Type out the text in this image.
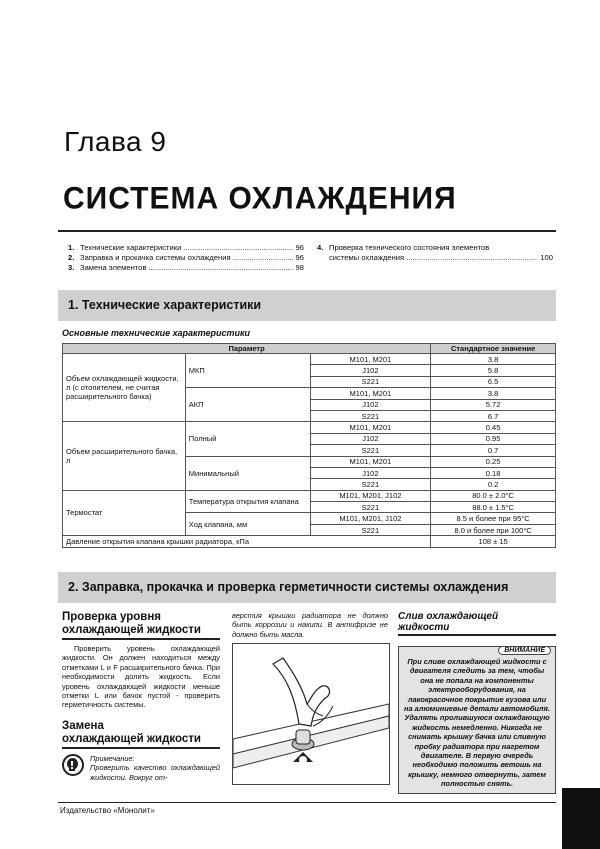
Глава 9
СИСТЕМА ОХЛАЖДЕНИЯ
1. Технические характеристики .....	96
2. Заправка и прокачка системы охлаждения .....	96
3. Замена элементов .....	98
4. Проверка технического состояния элементов
системы охлаждения .....	100
1. Технические характеристики
Основные технические характеристики
Параметр			Стандартное значение
Объем охлаждающей жидкости, л (с отопителем, не считая расширительного бачка)	МКП	M101, M201	3.8
		J102	5.8
		S221	6.5
	АКП	M101, M201	3.8
		J102	5.72
		S221	6.7
Объем расширительного бачка, л	Полный	M101, M201	0.45
		J102	0.95
		S221	0.7
	Минимальный	M101, M201	0.25
		J102	0.18
		S221	0.2
Термостат	Температура открытия клапана	M101, M201, J102	80.0 ± 2.0°C
		S221	88.0 ± 1.5°C
	Ход клапана, мм	M101, M201, J102	8.5 и более при 95°C
		S221	8.0 и более при 100°C
Давление открытия клапана крышки радиатора, кПа			108 ± 15
2. Заправка, прокачка и проверка герметичности системы охлаждения
Проверка уровня
охлаждающей жидкости
Проверить уровень охлаждающей жидкости. Он должен находиться между отметками L и F расширительного бачка. При необходимости долить жидкость. Если уровень охлаждающей жидкости меньше отметки L или бачок пустой - проверить герметичность системы.
Замена
охлаждающей жидкости
Примечание:
Проверить качество охлаждающей жидкости. Вокруг от-
верстия крышки радиатора не должно быть коррозии и накипи. В антифризе не должно быть масла.
Слив охлаждающей
жидкости
ВНИМАНИЕ
При сливе охлаждающей жидкости с двигателя следить за тем, чтобы она не попала на компоненты электрооборудования, на лакокрасочное покрытие кузова или на алюминиевые детали автомобиля. Удалять пролившуюся охлаждающую жидкость немедленно. Никогда не снимать крышку бачка или сливную пробку радиатора при нагретом двигателе. В первую очередь необходимо положить ветошь на крышку, немного отвернуть, затем полностью снять.
Издательство «Монолит»
